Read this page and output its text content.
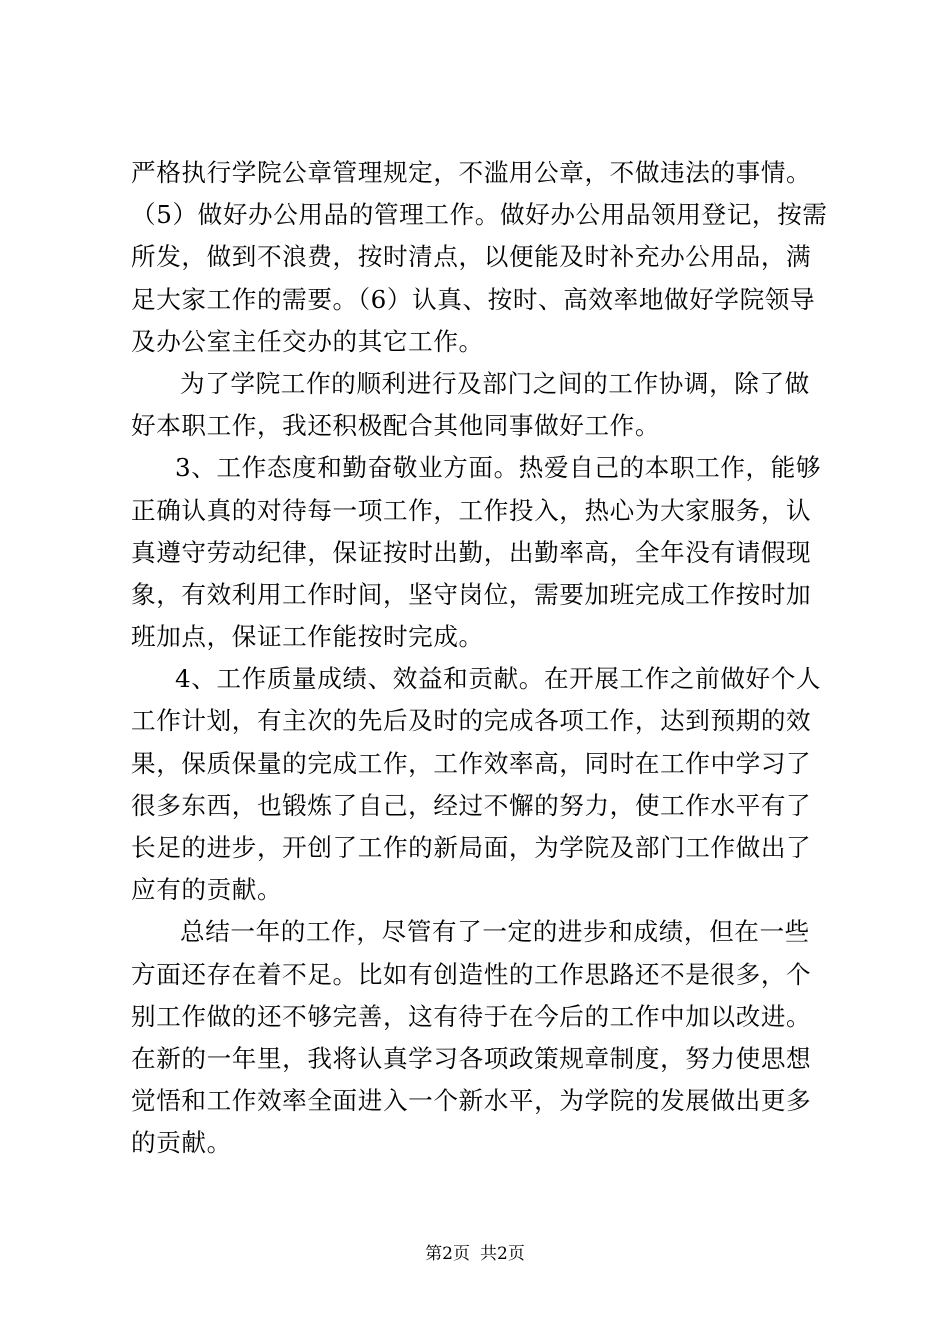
严格执行学院公章管理规定，不滥用公章，不做违法的事情。
（5）做好办公用品的管理工作。做好办公用品领用登记，按需
所发，做到不浪费，按时清点，以便能及时补充办公用品，满
足大家工作的需要。（6）认真、按时、高效率地做好学院领导
及办公室主任交办的其它工作。
为了学院工作的顺利进行及部门之间的工作协调，除了做
好本职工作，我还积极配合其他同事做好工作。
3、工作态度和勤奋敬业方面。热爱自己的本职工作，能够
正确认真的对待每一项工作，工作投入，热心为大家服务，认
真遵守劳动纪律，保证按时出勤，出勤率高，全年没有请假现
象，有效利用工作时间，坚守岗位，需要加班完成工作按时加
班加点，保证工作能按时完成。
4、工作质量成绩、效益和贡献。在开展工作之前做好个人
工作计划，有主次的先后及时的完成各项工作，达到预期的效
果，保质保量的完成工作，工作效率高，同时在工作中学习了
很多东西，也锻炼了自己，经过不懈的努力，使工作水平有了
长足的进步，开创了工作的新局面，为学院及部门工作做出了
应有的贡献。
总结一年的工作，尽管有了一定的进步和成绩，但在一些
方面还存在着不足。比如有创造性的工作思路还不是很多，个
别工作做的还不够完善，这有待于在今后的工作中加以改进。
在新的一年里，我将认真学习各项政策规章制度，努力使思想
觉悟和工作效率全面进入一个新水平，为学院的发展做出更多
的贡献。
第2页 共2页
